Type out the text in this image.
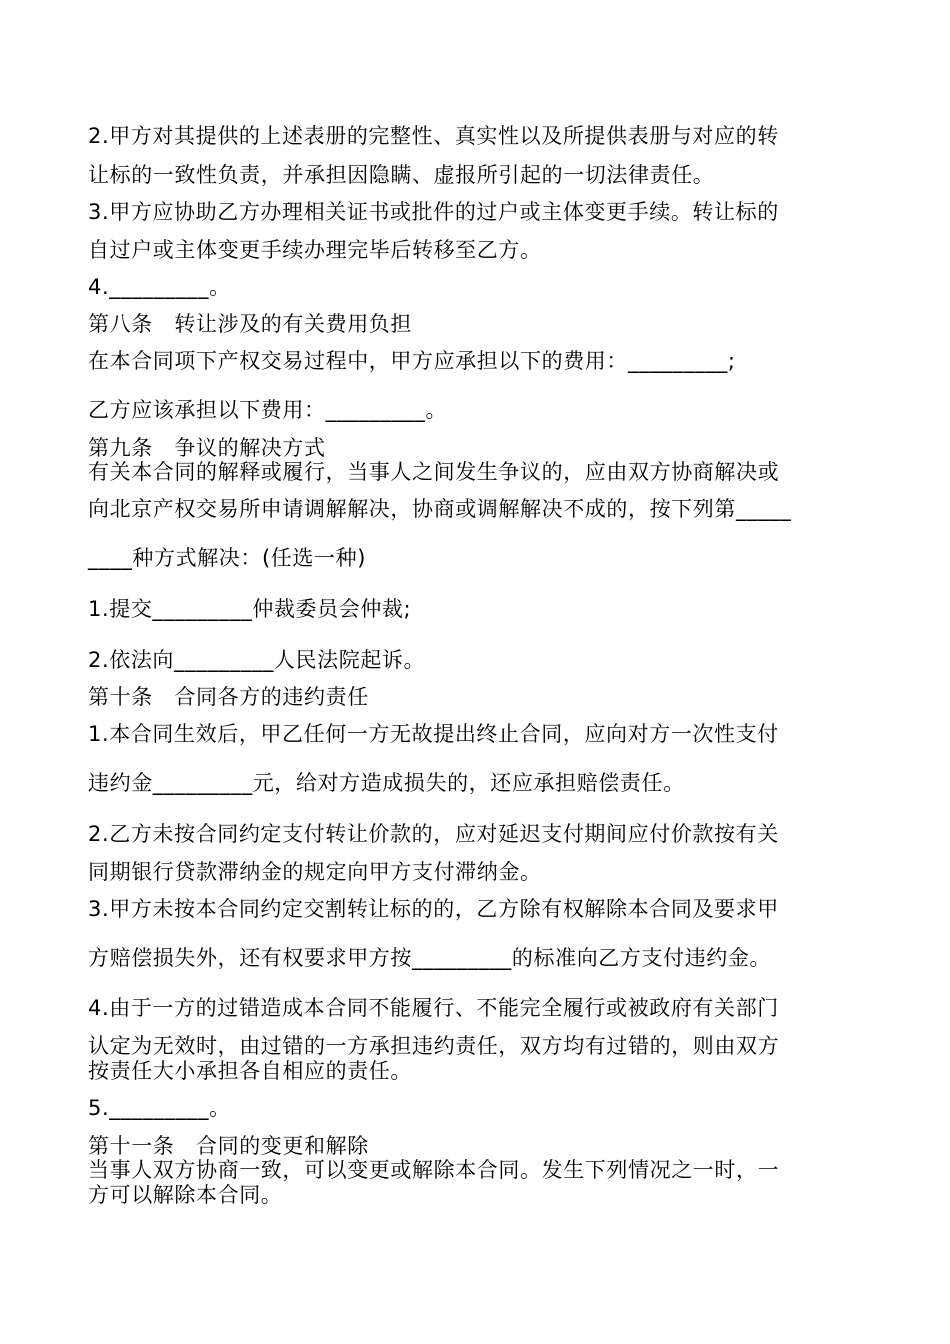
2.甲方对其提供的上述表册的完整性、真实性以及所提供表册与对应的转
让标的一致性负责，并承担因隐瞒、虚报所引起的一切法律责任。
3.甲方应协助乙方办理相关证书或批件的过户或主体变更手续。转让标的
自过户或主体变更手续办理完毕后转移至乙方。
4._________。
第八条　转让涉及的有关费用负担
在本合同项下产权交易过程中，甲方应承担以下的费用：_________;
乙方应该承担以下费用：_________。
第九条　争议的解决方式
有关本合同的解释或履行，当事人之间发生争议的，应由双方协商解决或
向北京产权交易所申请调解解决，协商或调解解决不成的，按下列第_____
____种方式解决：(任选一种)
1.提交_________仲裁委员会仲裁;
2.依法向_________人民法院起诉。
第十条　合同各方的违约责任
1.本合同生效后，甲乙任何一方无故提出终止合同，应向对方一次性支付
违约金_________元，给对方造成损失的，还应承担赔偿责任。
2.乙方未按合同约定支付转让价款的，应对延迟支付期间应付价款按有关
同期银行贷款滞纳金的规定向甲方支付滞纳金。
3.甲方未按本合同约定交割转让标的的，乙方除有权解除本合同及要求甲
方赔偿损失外，还有权要求甲方按_________的标准向乙方支付违约金。
4.由于一方的过错造成本合同不能履行、不能完全履行或被政府有关部门
认定为无效时，由过错的一方承担违约责任，双方均有过错的，则由双方
按责任大小承担各自相应的责任。
5._________。
第十一条　合同的变更和解除
当事人双方协商一致，可以变更或解除本合同。发生下列情况之一时，一
方可以解除本合同。
